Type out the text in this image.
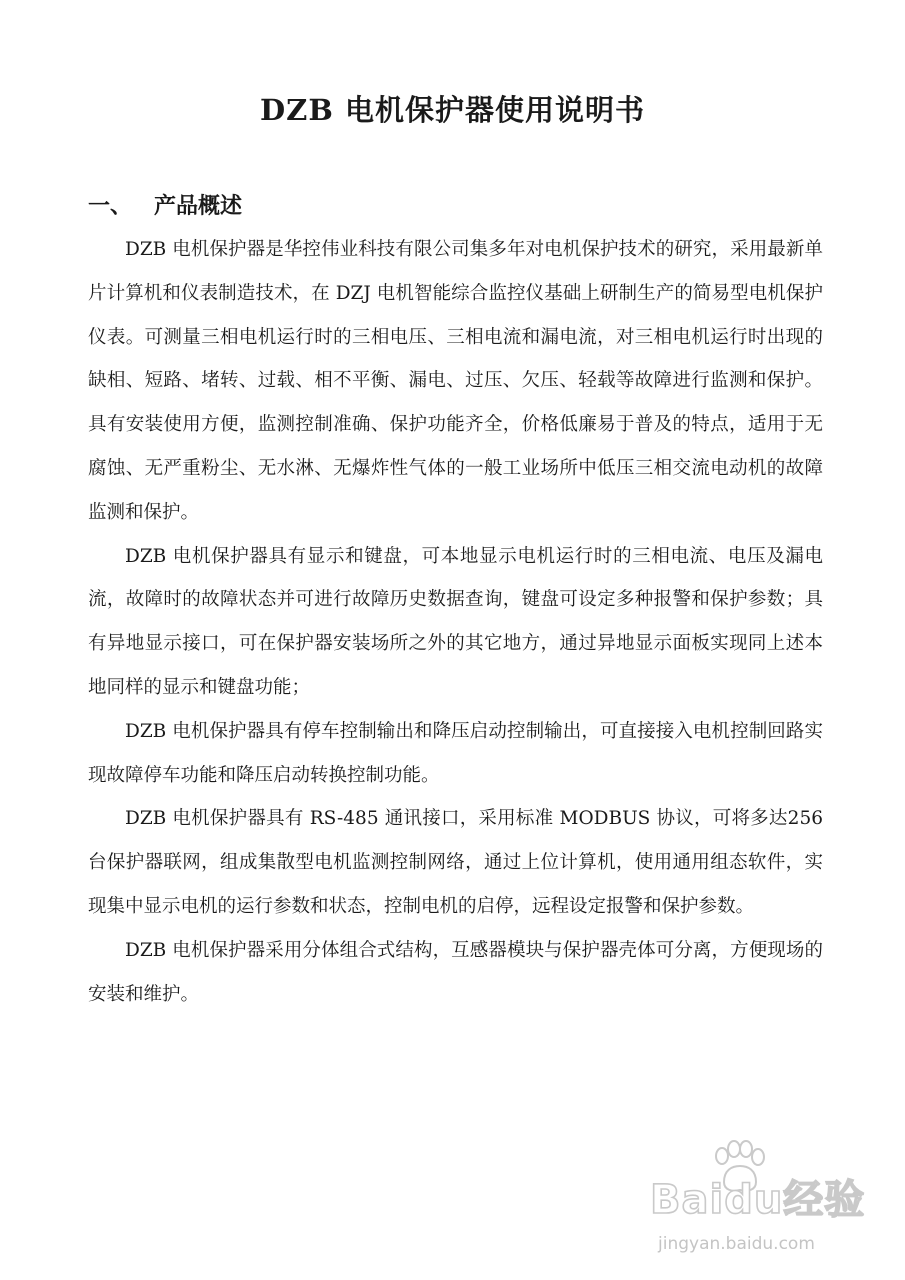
DZB 电机保护器使用说明书
一、 产品概述

DZB 电机保护器是华控伟业科技有限公司集多年对电机保护技术的研究，采用最新单片计算机和仪表制造技术，在 DZJ 电机智能综合监控仪基础上研制生产的简易型电机保护仪表。可测量三相电机运行时的三相电压、三相电流和漏电流，对三相电机运行时出现的缺相、短路、堵转、过载、相不平衡、漏电、过压、欠压、轻载等故障进行监测和保护。具有安装使用方便，监测控制准确、保护功能齐全，价格低廉易于普及的特点，适用于无腐蚀、无严重粉尘、无水淋、无爆炸性气体的一般工业场所中低压三相交流电动机的故障监测和保护。

DZB 电机保护器具有显示和键盘，可本地显示电机运行时的三相电流、电压及漏电流，故障时的故障状态并可进行故障历史数据查询，键盘可设定多种报警和保护参数；具有异地显示接口，可在保护器安装场所之外的其它地方，通过异地显示面板实现同上述本地同样的显示和键盘功能；

DZB 电机保护器具有停车控制输出和降压启动控制输出，可直接接入电机控制回路实现故障停车功能和降压启动转换控制功能。

DZB 电机保护器具有 RS-485 通讯接口，采用标准 MODBUS 协议，可将多达256 台保护器联网，组成集散型电机监测控制网络，通过上位计算机，使用通用组态软件，实现集中显示电机的运行参数和状态，控制电机的启停，远程设定报警和保护参数。

DZB 电机保护器采用分体组合式结构，互感器模块与保护器壳体可分离，方便现场的安装和维护。

Baidu经验
jingyan.baidu.com
